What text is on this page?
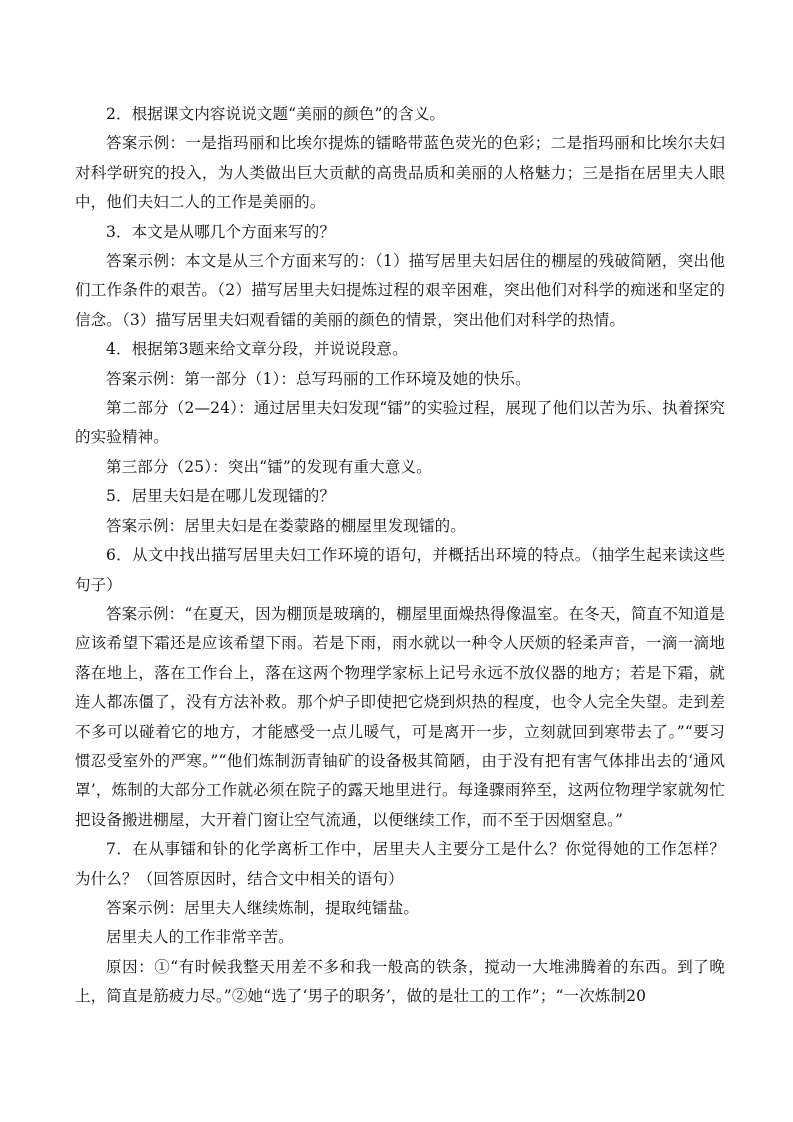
2．根据课文内容说说文题“美丽的颜色”的含义。

答案示例：一是指玛丽和比埃尔提炼的镭略带蓝色荧光的色彩；二是指玛丽和比埃尔夫妇对科学研究的投入，为人类做出巨大贡献的高贵品质和美丽的人格魅力；三是指在居里夫人眼中，他们夫妇二人的工作是美丽的。

3．本文是从哪几个方面来写的？

答案示例：本文是从三个方面来写的：（1）描写居里夫妇居住的棚屋的残破简陋，突出他们工作条件的艰苦。（2）描写居里夫妇提炼过程的艰辛困难，突出他们对科学的痴迷和坚定的信念。（3）描写居里夫妇观看镭的美丽的颜色的情景，突出他们对科学的热情。

4．根据第3题来给文章分段，并说说段意。

答案示例：第一部分（1）：总写玛丽的工作环境及她的快乐。

第二部分（2—24）：通过居里夫妇发现“镭”的实验过程，展现了他们以苦为乐、执着探究的实验精神。

第三部分（25）：突出“镭”的发现有重大意义。

5．居里夫妇是在哪儿发现镭的？

答案示例：居里夫妇是在娄蒙路的棚屋里发现镭的。

6．从文中找出描写居里夫妇工作环境的语句，并概括出环境的特点。（抽学生起来读这些句子）

答案示例：“在夏天，因为棚顶是玻璃的，棚屋里面燥热得像温室。在冬天，简直不知道是应该希望下霜还是应该希望下雨。若是下雨，雨水就以一种令人厌烦的轻柔声音，一滴一滴地落在地上，落在工作台上，落在这两个物理学家标上记号永远不放仪器的地方；若是下霜，就连人都冻僵了，没有方法补救。那个炉子即使把它烧到炽热的程度，也令人完全失望。走到差不多可以碰着它的地方，才能感受一点儿暖气，可是离开一步，立刻就回到寒带去了。”“要习惯忍受室外的严寒。”“他们炼制沥青铀矿的设备极其简陋，由于没有把有害气体排出去的‘通风罩’，炼制的大部分工作就必须在院子的露天地里进行。每逢骤雨猝至，这两位物理学家就匆忙把设备搬进棚屋，大开着门窗让空气流通，以便继续工作，而不至于因烟窒息。”

7．在从事镭和钋的化学离析工作中，居里夫人主要分工是什么？你觉得她的工作怎样？为什么？（回答原因时，结合文中相关的语句）

答案示例：居里夫人继续炼制，提取纯镭盐。

居里夫人的工作非常辛苦。

原因：①“有时候我整天用差不多和我一般高的铁条，搅动一大堆沸腾着的东西。到了晚上，简直是筋疲力尽。”②她“选了‘男子的职务’，做的是壮工的工作”；“一次炼制20
